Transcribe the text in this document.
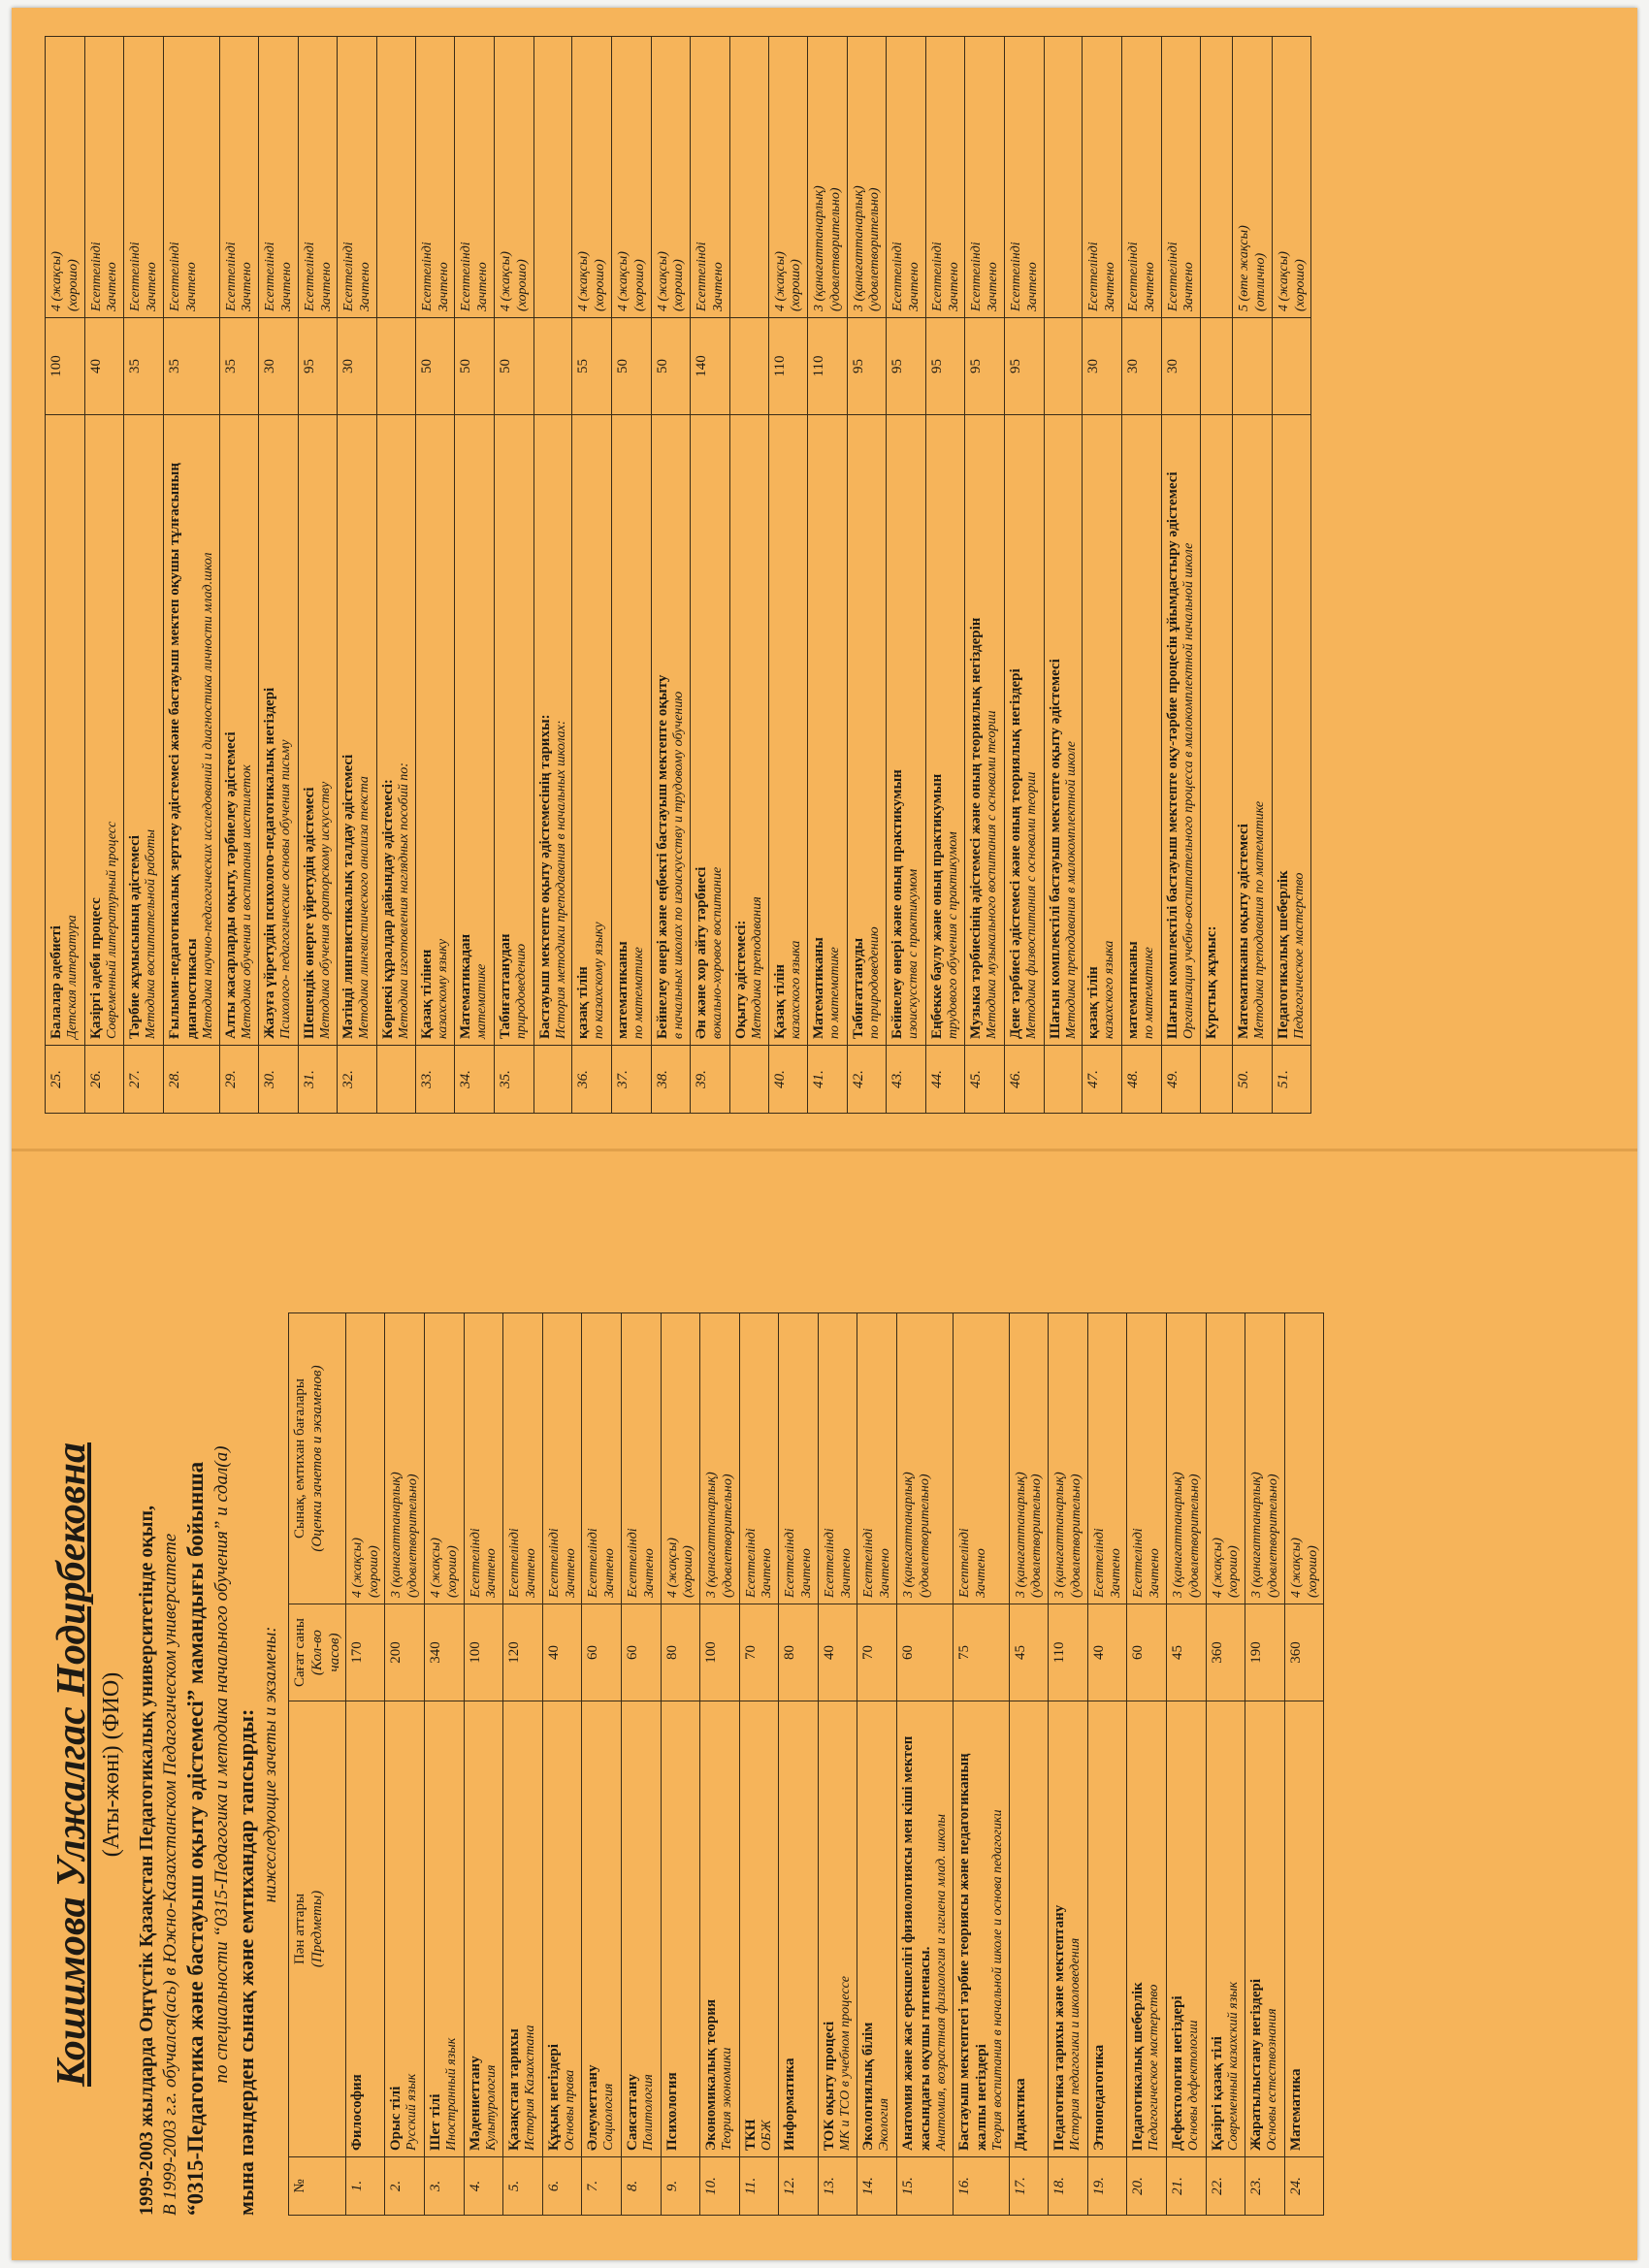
Кошимова Улжалгас Нодирбековна (Аты-жөні) (ФИО) 1999-2003 жылдарда Оңтүстік Қазақстан Педагогикалық университетінде оқып, В 1999-2003 г.г. обучался(ась) в Южно-Казахстанском Педагогическом университете “0315-Педагогика және бастауыш оқыту әдістемесі” мамандығы бойынша по специальности “0315-Педагогика и методика начального обучения” и сдал(а) мына пәндерден сынақ және емтихандар тапсырды: нижеследующие зачеты и экзамены:
№	Пән аттары (Предметы)	Сағат саны (Кол-во часов)	Сынақ, емтихан бағалары (Оценки зачетов и экзаменов)
1.	Философия	170	4 (жақсы) (хорошо)

2.	Орыс тілі Русский язык	200	3 (қанағаттанарлық) (удовлетворительно)

3.	Шет тілі Иностранный язык	340	4 (жақсы) (хорошо)

4.	Мәдениеттану Культурология	100	Есептелінді Зачтено

5.	Қазақстан тарихы История Казахстана	120	Есептелінді Зачтено

6.	Құқық негіздері Основы права	40	Есептелінді Зачтено

7.	Әлеуметтану Социология	60	Есептелінді Зачтено

8.	Саясаттану Политология	60	Есептелінді Зачтено

9.	Психология	80	4 (жақсы) (хорошо)

10.	Экономикалық теория Теория экономики	100	3 (қанағаттанарлық) (удовлетворительно)

11.	ТКН ОБЖ	70	Есептелінді Зачтено

12.	Информатика	80	Есептелінді Зачтено

13.	ТОК оқыту процесі МК и ТСО в учебном процессе	40	Есептелінді Зачтено

14.	Экологиялық білім Экология	70	Есептелінді Зачтено

15.	Анатомия және жас ерекшелігі физиологиясы мен кіші мектеп жасындағы оқушы гигиенасы. Анатомия, возрастная физиология и гигиена млад. школы	60	3 (қанағаттанарлық) (удовлетворительно)

16.	Бастауыш мектептегі тәрбие теориясы және педагогиканың жалпы негіздері Теория воспитания в начальной школе и основа педагогики	75	Есептелінді Зачтено

17.	Дидактика	45	3 (қанағаттанарлық) (удовлетворительно)

18.	Педагогика тарихы және мектептану История педагогики и школоведения	110	3 (қанағаттанарлық) (удовлетворительно)

19.	Этнопедагогика	40	Есептелінді Зачтено

20.	Педагогикалық шеберлік Педагогическое мастерство	60	Есептелінді Зачтено

21.	Дефектология негіздері Основы дефектологии	45	3 (қанағаттанарлық) (удовлетворительно)

22.	Қазіргі қазақ тілі Современный казахский язык	360	4 (жақсы) (хорошо)

23.	Жаратылыстану негіздері Основы естествознания	190	3 (қанағаттанарлық) (удовлетворительно)

24.	Математика	360	4 (жақсы) (хорошо)
25.	Балалар әдебиеті Детская литература	100	4 (жақсы) (хорошо)

26.	Қазіргі әдеби процесс Современный литературный процесс	40	Есептелінді Зачтено

27.	Тәрбие жұмысының әдістемесі Методика воспитательной работы	35	Есептелінді Зачтено

28.	Ғылыми-педагогикалық зерттеу әдістемесі және бастауыш мектеп оқушы тұлғасының диагностикасы Методика научно-педагогических исследований и диагностика личности млад.школ	35	Есептелінді Зачтено

29.	Алты жасарларды оқыту, тәрбиелеу әдістемесі Методика обучения и воспитания шестилеток	35	Есептелінді Зачтено

30.	Жазуға үйретудің психолого-педагогикалық негіздері Психолого- педагогические основы обучения письму	30	Есептелінді Зачтено

31.	Шешендік өнерге үйретудің әдістемесі Методика обучения ораторскому искусству	95	Есептелінді Зачтено

32.	Мәтінді лингвистикалық талдау әдістемесі Методика лингвистического анализа текста	30	Есептелінді Зачтено

	Көрнекі құралдар дайындау әдістемесі: Методика изготовления наглядных пособий по:		

33.	Қазақ тілінен казахскому языку	50	Есептелінді Зачтено

34.	Математикадан математике	50	Есептелінді Зачтено

35.	Табиғаттанудан природоведению	50	4 (жақсы) (хорошо)

	Бастауыш мектепте оқыту әдістемесінің тарихы: История методики преподавания в начальных школах:		

36.	қазақ тілін по казахскому языку	55	4 (жақсы) (хорошо)

37.	математиканы по математике	50	4 (жақсы) (хорошо)

38.	Бейнелеу өнері және еңбекті бастауыш мектепте оқыту в начальных школах по изоискусству и трудовому обучению	50	4 (жақсы) (хорошо)

39.	Ән және хор айту тәрбиесі вокально-хоровое воспитание	140	Есептелінді Зачтено

	Оқыту әдістемесі: Методика преподавания		

40.	Қазақ тілін казахского языка	110	4 (жақсы) (хорошо)

41.	Математиканы по математике	110	3 (қанағаттанарлық) (удовлетворительно)

42.	Табиғаттануды по природоведению	95	3 (қанағаттанарлық) (удовлетворительно)

43.	Бейнелеу өнері және оның практикумын изоискусства с практикумом	95	Есептелінді Зачтено

44.	Еңбекке баулу және оның практикумын трудового обучения с практикумом	95	Есептелінді Зачтено

45.	Музыка тәрбиесінің әдістемесі және оның теориялық негіздерін Методика музыкального воспитания с основами теории	95	Есептелінді Зачтено

46.	Дене тәрбиесі әдістемесі және оның теориялық негіздері Методика физвоспитания с основами теории	95	Есептелінді Зачтено

	Шағын комплектілі бастауыш мектепте оқыту әдістемесі Методика преподавания в малокомплектной школе		

47.	қазақ тілін казахского языка	30	Есептелінді Зачтено

48.	математиканы по математике	30	Есептелінді Зачтено

49.	Шағын комплектілі бастауыш мектепте оқу-тәрбие процесін ұйымдастыру әдістемесі Организация учебно-воспитательного процесса в малокомплектной начальной школе	30	Есептелінді Зачтено

	Курстық жұмыс:

50.	Математиканы оқыту әдістемесі Методика преподавания по математике		5 (өте жақсы) (отлично)

51.	Педагогикалық шеберлік Педагогическое мастерство		4 (жақсы) (хорошо)
